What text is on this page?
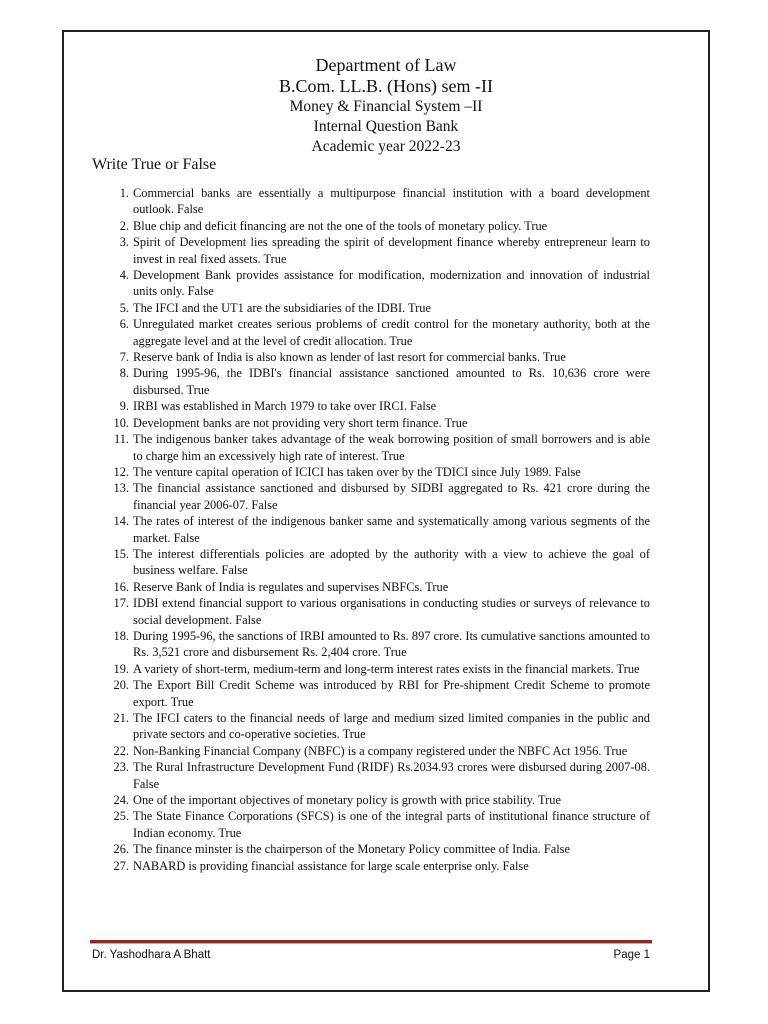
Department of Law
B.Com. LL.B. (Hons) sem -II
Money & Financial System –II
Internal Question Bank
Academic year 2022-23
Write True or False
1. Commercial banks are essentially a multipurpose financial institution with a board development outlook. False
2. Blue chip and deficit financing are not the one of the tools of monetary policy. True
3. Spirit of Development lies spreading the spirit of development finance whereby entrepreneur learn to invest in real fixed assets. True
4. Development Bank provides assistance for modification, modernization and innovation of industrial units only. False
5. The IFCI and the UT1 are the subsidiaries of the IDBI. True
6. Unregulated market creates serious problems of credit control for the monetary authority, both at the aggregate level and at the level of credit allocation. True
7. Reserve bank of India is also known as lender of last resort for commercial banks. True
8. During 1995-96, the IDBI's financial assistance sanctioned amounted to Rs. 10,636 crore were disbursed. True
9. IRBI was established in March 1979 to take over IRCI. False
10. Development banks are not providing very short term finance. True
11. The indigenous banker takes advantage of the weak borrowing position of small borrowers and is able to charge him an excessively high rate of interest. True
12. The venture capital operation of ICICI has taken over by the TDICI since July 1989. False
13. The financial assistance sanctioned and disbursed by SIDBI aggregated to Rs. 421 crore during the financial year 2006-07. False
14. The rates of interest of the indigenous banker same and systematically among various segments of the market. False
15. The interest differentials policies are adopted by the authority with a view to achieve the goal of business welfare. False
16. Reserve Bank of India is regulates and supervises NBFCs. True
17. IDBI extend financial support to various organisations in conducting studies or surveys of relevance to social development. False
18. During 1995-96, the sanctions of IRBI amounted to Rs. 897 crore. Its cumulative sanctions amounted to Rs. 3,521 crore and disbursement Rs. 2,404 crore. True
19. A variety of short-term, medium-term and long-term interest rates exists in the financial markets. True
20. The Export Bill Credit Scheme was introduced by RBI for Pre-shipment Credit Scheme to promote export. True
21. The IFCI caters to the financial needs of large and medium sized limited companies in the public and private sectors and co-operative societies. True
22. Non-Banking Financial Company (NBFC) is a company registered under the NBFC Act 1956. True
23. The Rural Infrastructure Development Fund (RIDF) Rs.2034.93 crores were disbursed during 2007-08. False
24. One of the important objectives of monetary policy is growth with price stability. True
25. The State Finance Corporations (SFCS) is one of the integral parts of institutional finance structure of Indian economy. True
26. The finance minster is the chairperson of the Monetary Policy committee of India. False
27. NABARD is providing financial assistance for large scale enterprise only. False
Dr. Yashodhara A Bhatt	Page 1
